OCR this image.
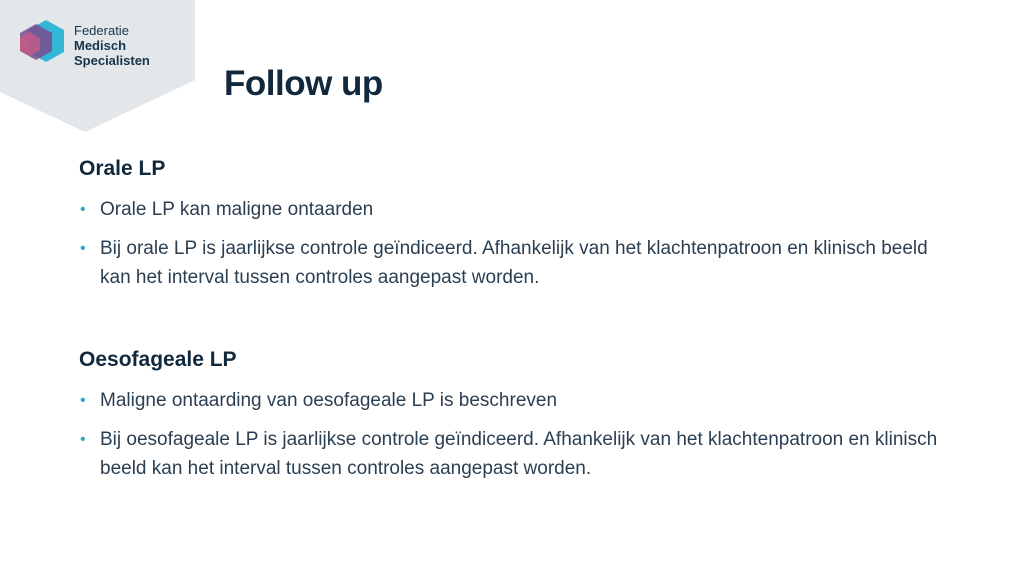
Federatie
Medisch
Specialisten
Follow up
Orale LP
• Orale LP kan maligne ontaarden
• Bij orale LP is jaarlijkse controle geïndiceerd. Afhankelijk van het klachtenpatroon en klinisch beeld kan het interval tussen controles aangepast worden.
Oesofageale LP
• Maligne ontaarding van oesofageale LP is beschreven
• Bij oesofageale LP is jaarlijkse controle geïndiceerd. Afhankelijk van het klachtenpatroon en klinisch beeld kan het interval tussen controles aangepast worden.
